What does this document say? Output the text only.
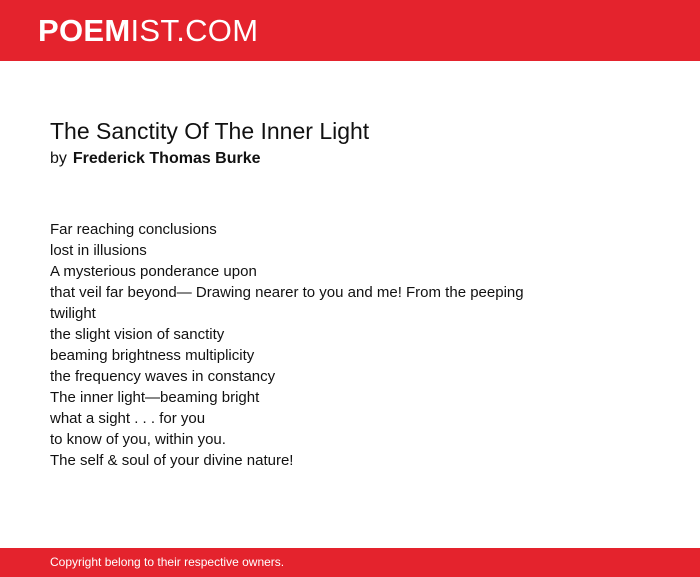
POEMIST.COM
The Sanctity Of The Inner Light
by Frederick Thomas Burke
Far reaching conclusions
lost in illusions
A mysterious ponderance upon
that veil far beyond— Drawing nearer to you and me! From the peeping twilight
the slight vision of sanctity
beaming brightness multiplicity
the frequency waves in constancy
The inner light—beaming bright
what a sight . . . for you
to know of you, within you.
The self & soul of your divine nature!
Copyright belong to their respective owners.
